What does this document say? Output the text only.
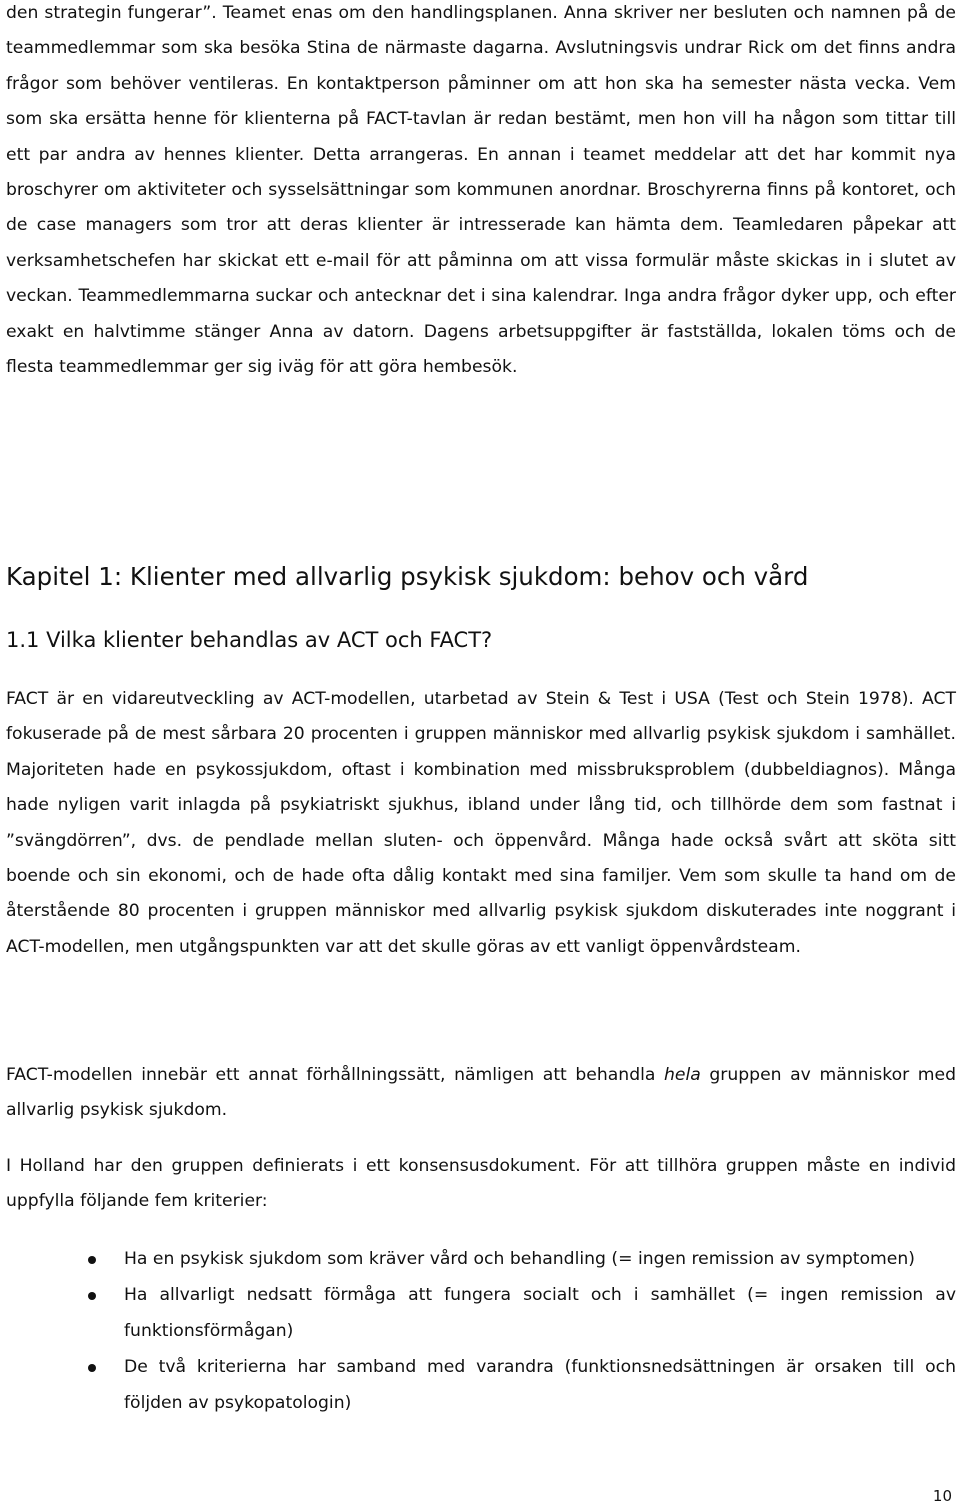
den strategin fungerar”. Teamet enas om den handlingsplanen. Anna skriver ner besluten och namnen på de teammedlemmar som ska besöka Stina de närmaste dagarna. Avslutningsvis undrar Rick om det finns andra frågor som behöver ventileras. En kontaktperson påminner om att hon ska ha semester nästa vecka. Vem som ska ersätta henne för klienterna på FACT-tavlan är redan bestämt, men hon vill ha någon som tittar till ett par andra av hennes klienter. Detta arrangeras. En annan i teamet meddelar att det har kommit nya broschyrer om aktiviteter och sysselsättningar som kommunen anordnar. Broschyrerna finns på kontoret, och de case managers som tror att deras klienter är intresserade kan hämta dem. Teamledaren påpekar att verksamhetschefen har skickat ett e-mail för att påminna om att vissa formulär måste skickas in i slutet av veckan. Teammedlemmarna suckar och antecknar det i sina kalendrar. Inga andra frågor dyker upp, och efter exakt en halvtimme stänger Anna av datorn. Dagens arbetsuppgifter är fastställda, lokalen töms och de flesta teammedlemmar ger sig iväg för att göra hembesök.

Kapitel 1: Klienter med allvarlig psykisk sjukdom: behov och vård
1.1 Vilka klienter behandlas av ACT och FACT?

FACT är en vidareutveckling av ACT-modellen, utarbetad av Stein & Test i USA (Test och Stein 1978). ACT fokuserade på de mest sårbara 20 procenten i gruppen människor med allvarlig psykisk sjukdom i samhället. Majoriteten hade en psykossjukdom, oftast i kombination med missbruksproblem (dubbeldiagnos). Många hade nyligen varit inlagda på psykiatriskt sjukhus, ibland under lång tid, och tillhörde dem som fastnat i ”svängdörren”, dvs. de pendlade mellan sluten- och öppenvård. Många hade också svårt att sköta sitt boende och sin ekonomi, och de hade ofta dålig kontakt med sina familjer. Vem som skulle ta hand om de återstående 80 procenten i gruppen människor med allvarlig psykisk sjukdom diskuterades inte noggrant i ACT-modellen, men utgångspunkten var att det skulle göras av ett vanligt öppenvårdsteam.

FACT-modellen innebär ett annat förhållningssätt, nämligen att behandla hela gruppen av människor med allvarlig psykisk sjukdom.

I Holland har den gruppen definierats i ett konsensusdokument. För att tillhöra gruppen måste en individ uppfylla följande fem kriterier:

Ha en psykisk sjukdom som kräver vård och behandling (= ingen remission av symptomen)

Ha allvarligt nedsatt förmåga att fungera socialt och i samhället (= ingen remission av funktionsförmågan)

De två kriterierna har samband med varandra (funktionsnedsättningen är orsaken till och följden av psykopatologin)

10
